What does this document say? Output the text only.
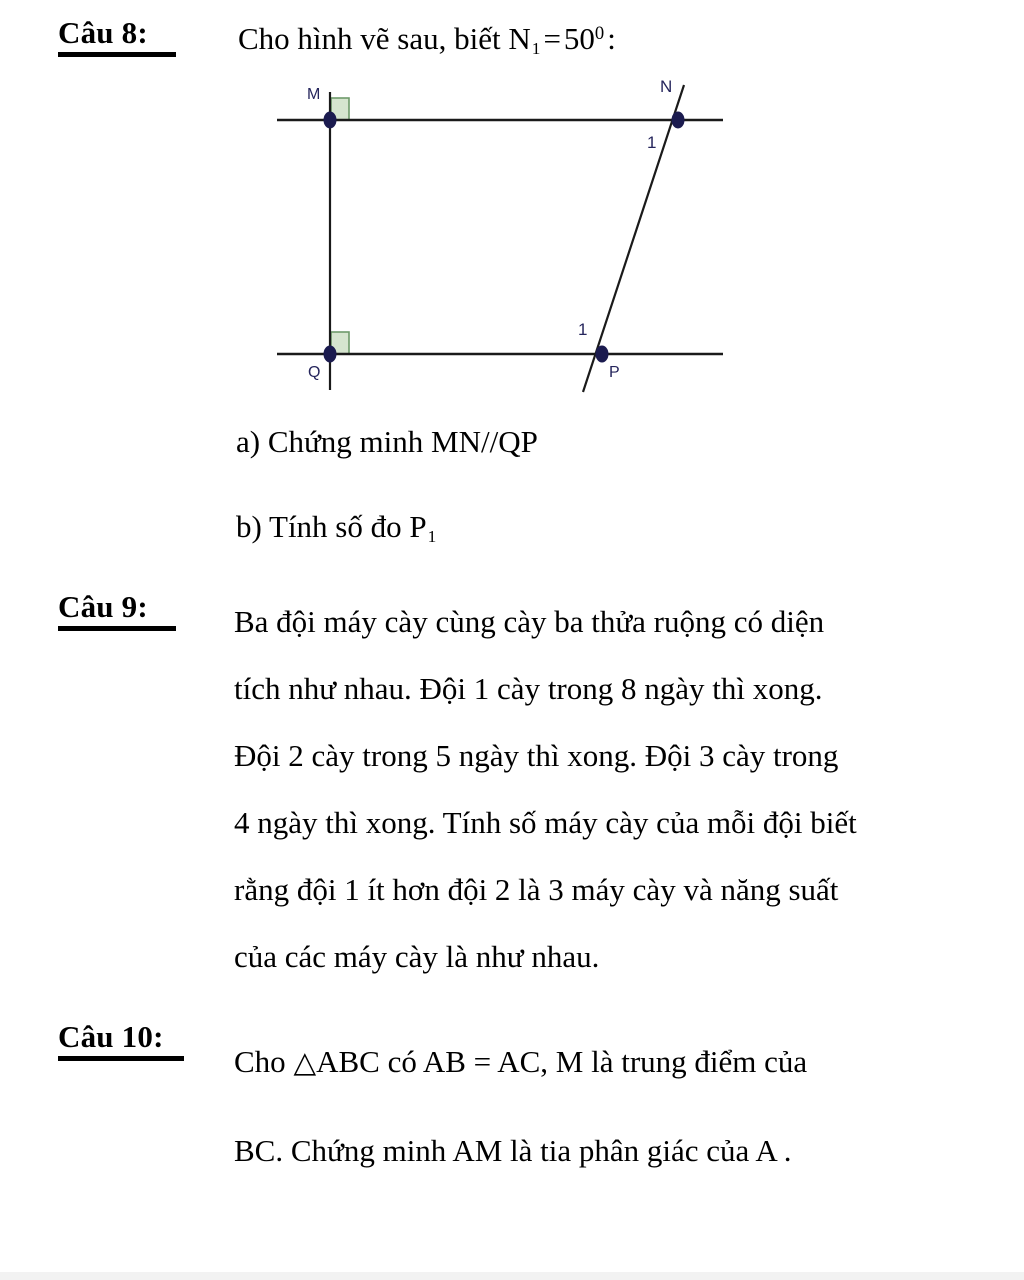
Câu 8:	Cho hình vẽ sau, biết $N_1=50^0$:
M	N
Q	P
1
1
a) Chứng minh MN//QP
b) Tính số đo $P_1$
Câu 9:	Ba đội máy cày cùng cày ba thửa ruộng có diện

tích như nhau. Đội 1 cày trong 8 ngày thì xong.

Đội 2 cày trong 5 ngày thì xong. Đội 3 cày trong

4 ngày thì xong. Tính số máy cày của mỗi đội biết

rằng đội 1 ít hơn đội 2 là 3 máy cày và năng suất

của các máy cày là như nhau.

Câu 10:

Cho △ABC có AB = AC, M là trung điểm của

BC. Chứng minh AM là tia phân giác của A .
